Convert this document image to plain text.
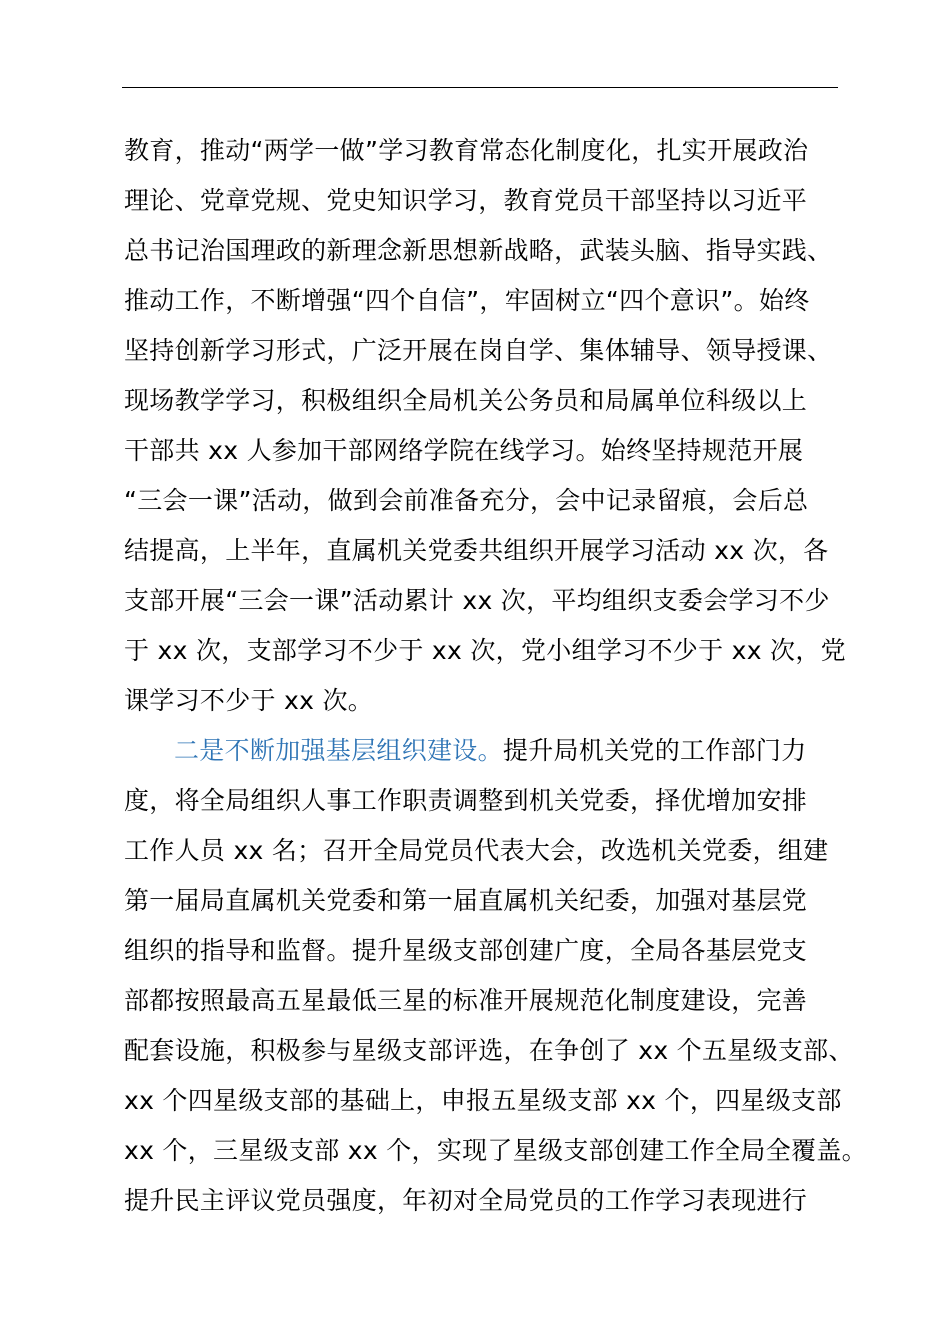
教育，推动“两学一做”学习教育常态化制度化，扎实开展政治
理论、党章党规、党史知识学习，教育党员干部坚持以习近平
总书记治国理政的新理念新思想新战略，武装头脑、指导实践、
推动工作，不断增强“四个自信”，牢固树立“四个意识”。始终
坚持创新学习形式，广泛开展在岗自学、集体辅导、领导授课、
现场教学学习，积极组织全局机关公务员和局属单位科级以上
干部共 xx 人参加干部网络学院在线学习。始终坚持规范开展
“三会一课”活动，做到会前准备充分，会中记录留痕，会后总
结提高，上半年，直属机关党委共组织开展学习活动 xx 次，各
支部开展“三会一课”活动累计 xx 次，平均组织支委会学习不少
于 xx 次，支部学习不少于 xx 次，党小组学习不少于 xx 次，党
课学习不少于 xx 次。
二是不断加强基层组织建设。提升局机关党的工作部门力
度，将全局组织人事工作职责调整到机关党委，择优增加安排
工作人员 xx 名；召开全局党员代表大会，改选机关党委，组建
第一届局直属机关党委和第一届直属机关纪委，加强对基层党
组织的指导和监督。提升星级支部创建广度，全局各基层党支
部都按照最高五星最低三星的标准开展规范化制度建设，完善
配套设施，积极参与星级支部评选，在争创了 xx 个五星级支部、
xx 个四星级支部的基础上，申报五星级支部 xx 个，四星级支部
xx 个，三星级支部 xx 个，实现了星级支部创建工作全局全覆盖。
提升民主评议党员强度，年初对全局党员的工作学习表现进行
